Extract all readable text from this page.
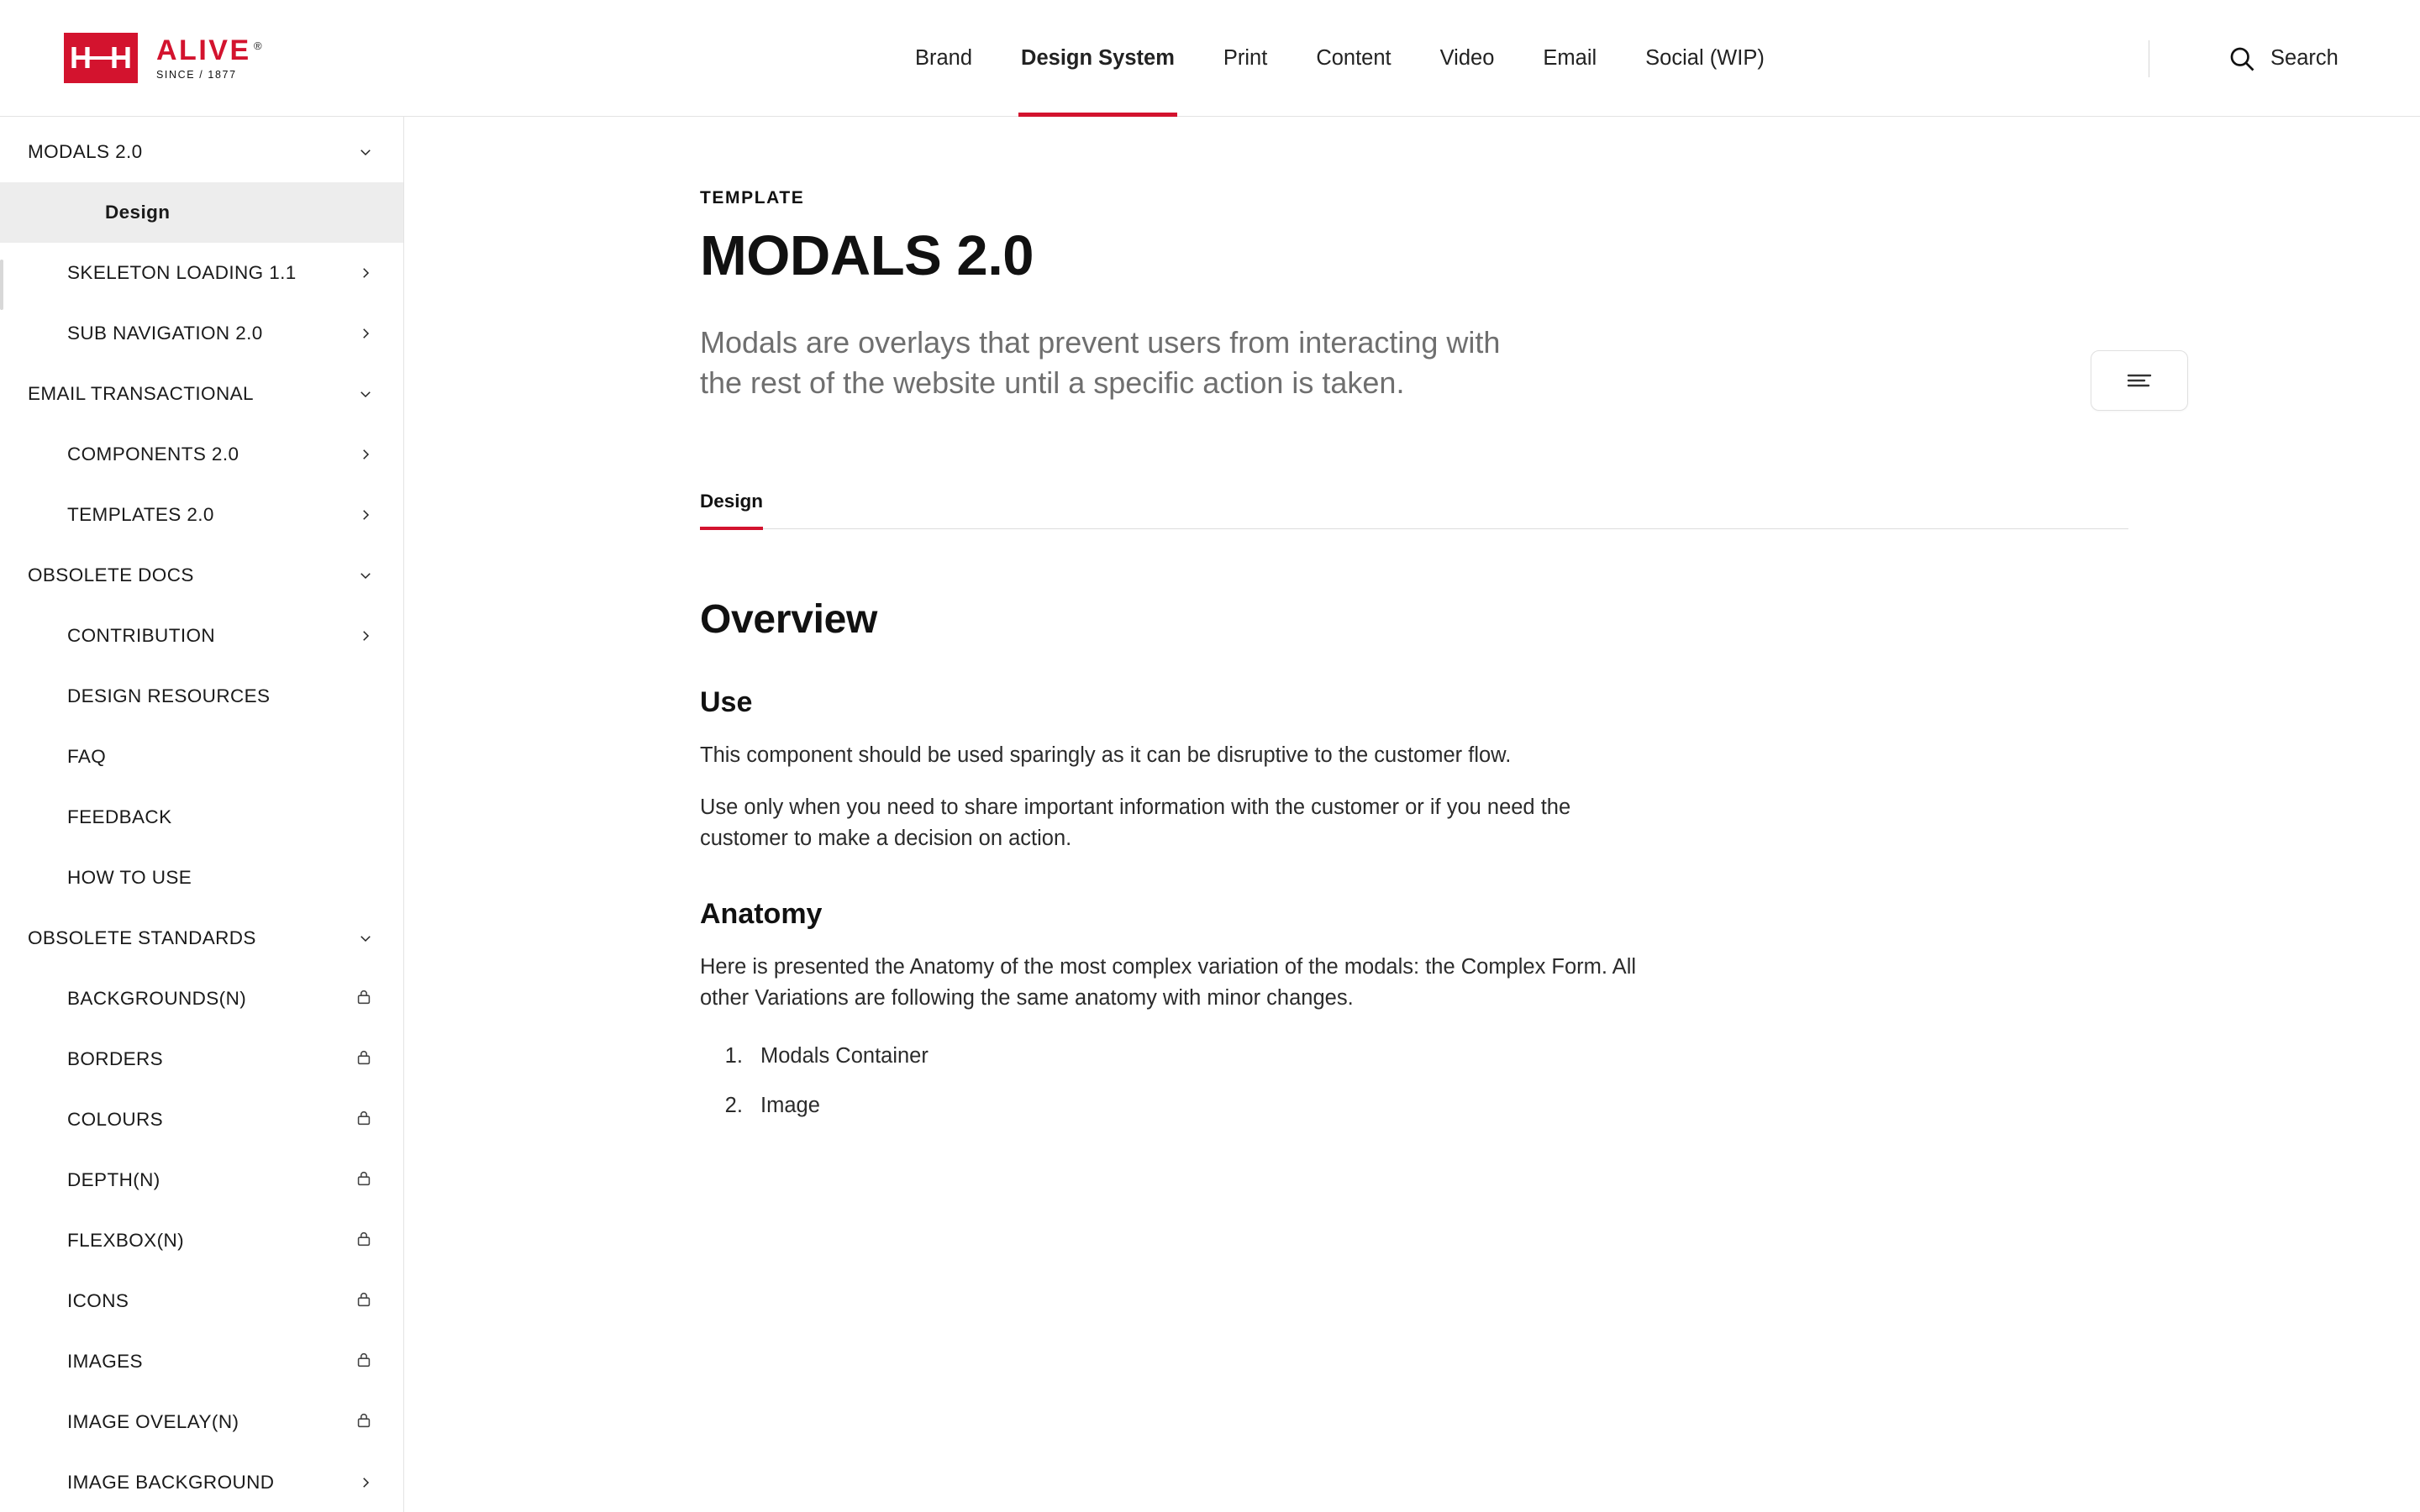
H H ALIVE ®
SINCE / 1877
Brand	Design System	Print	Content	Video	Email	Social (WIP)	Search
MODALS 2.0
Design
SKELETON LOADING 1.1
SUB NAVIGATION 2.0
EMAIL TRANSACTIONAL
COMPONENTS 2.0
TEMPLATES 2.0
OBSOLETE DOCS
CONTRIBUTION
DESIGN RESOURCES
FAQ
FEEDBACK
HOW TO USE
OBSOLETE STANDARDS
BACKGROUNDS(N)
BORDERS
COLOURS
DEPTH(N)
FLEXBOX(N)
ICONS
IMAGES
IMAGE OVELAY(N)
IMAGE BACKGROUND
TEMPLATE
MODALS 2.0
Modals are overlays that prevent users from interacting with the rest of the website until a specific action is taken.
Design
Overview
Use

This component should be used sparingly as it can be disruptive to the customer flow.

Use only when you need to share important information with the customer or if you need the customer to make a decision on action.

Anatomy

Here is presented the Anatomy of the most complex variation of the modals: the Complex Form. All other Variations are following the same anatomy with minor changes.

1. Modals Container
2. Image
